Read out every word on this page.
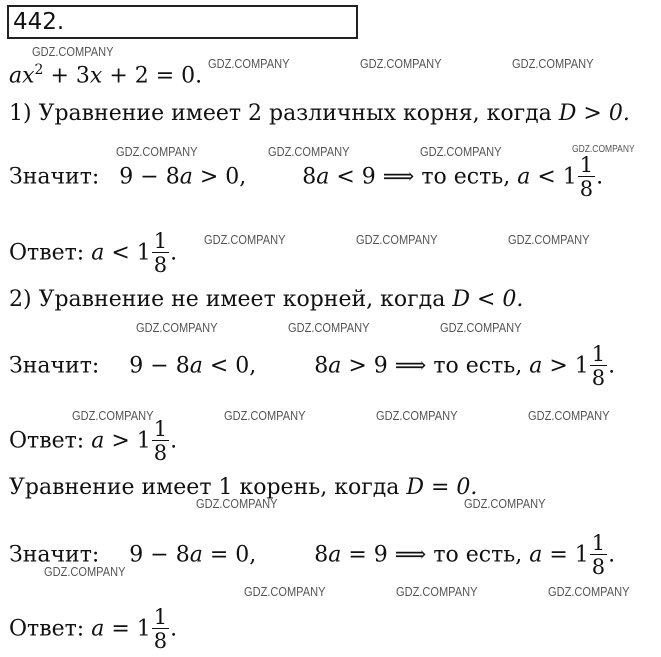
442.
$ax^2 + 3x + 2 = 0$.
1) Уравнение имеет 2 различных корня, когда D > 0.
Значит: 9 − 8a > 0,	8a < 9 ⟹ то есть, $a < 1 \frac{1}{8}$ .
Ответ: $a < 1 \frac{1}{8}$ .
2) Уравнение не имеет корней, когда D < 0.
Значит: 9 − 8a < 0,	8a > 9 ⟹ то есть, $a > 1 \frac{1}{8}$ .
Ответ: $a > 1 \frac{1}{8}$ .
Уравнение имеет 1 корень, когда D = 0.
Значит: 9 − 8a = 0,	8a = 9 ⟹ то есть, $a = 1 \frac{1}{8}$ .
Ответ: $a = 1 \frac{1}{8}$ .
GDZ.COMPANY
GDZ.COMPANY	GDZ.COMPANY	GDZ.COMPANY
GDZ.COMPANY	GDZ.COMPANY	GDZ.COMPANY	GDZ.COMPANY
GDZ.COMPANY	GDZ.COMPANY	GDZ.COMPANY
GDZ.COMPANY	GDZ.COMPANY	GDZ.COMPANY
GDZ.COMPANY	GDZ.COMPANY	GDZ.COMPANY	GDZ.COMPANY
GDZ.COMPANY	GDZ.COMPANY
GDZ.COMPANY
GDZ.COMPANY	GDZ.COMPANY	GDZ.COMPANY
